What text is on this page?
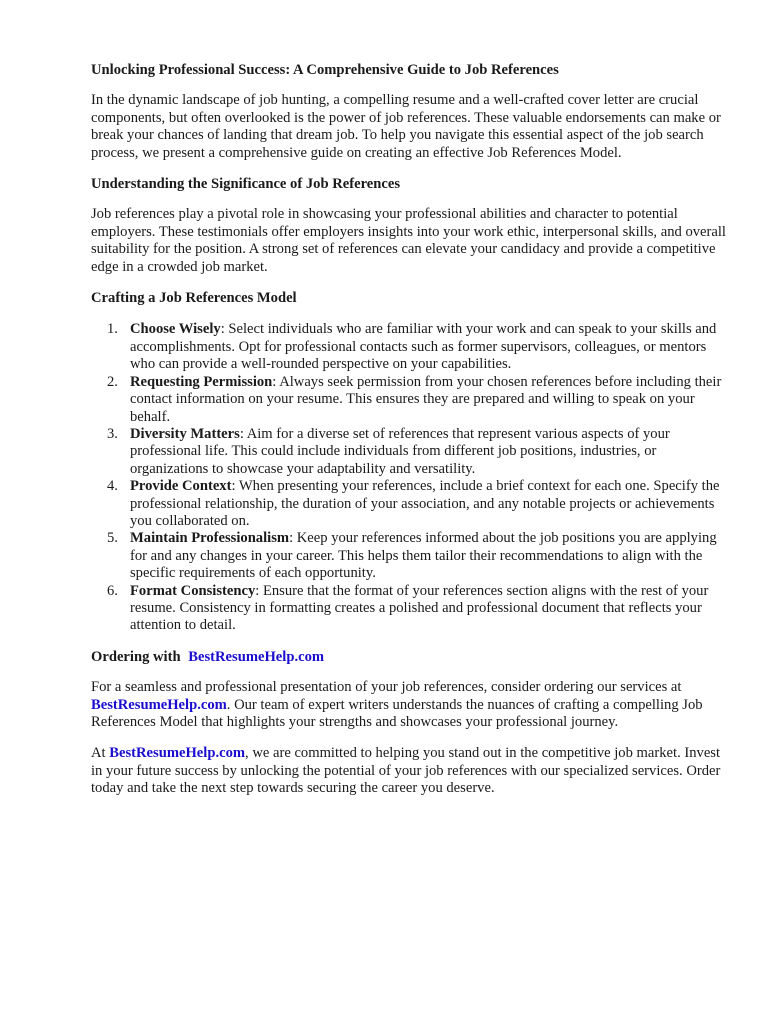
Unlocking Professional Success: A Comprehensive Guide to Job References

In the dynamic landscape of job hunting, a compelling resume and a well-crafted cover letter are crucial components, but often overlooked is the power of job references. These valuable endorsements can make or break your chances of landing that dream job. To help you navigate this essential aspect of the job search process, we present a comprehensive guide on creating an effective Job References Model.

Understanding the Significance of Job References

Job references play a pivotal role in showcasing your professional abilities and character to potential employers. These testimonials offer employers insights into your work ethic, interpersonal skills, and overall suitability for the position. A strong set of references can elevate your candidacy and provide a competitive edge in a crowded job market.

Crafting a Job References Model
1. Choose Wisely: Select individuals who are familiar with your work and can speak to your skills and accomplishments. Opt for professional contacts such as former supervisors, colleagues, or mentors who can provide a well-rounded perspective on your capabilities.
2. Requesting Permission: Always seek permission from your chosen references before including their contact information on your resume. This ensures they are prepared and willing to speak on your behalf.
3. Diversity Matters: Aim for a diverse set of references that represent various aspects of your professional life. This could include individuals from different job positions, industries, or organizations to showcase your adaptability and versatility.
4. Provide Context: When presenting your references, include a brief context for each one. Specify the professional relationship, the duration of your association, and any notable projects or achievements you collaborated on.
5. Maintain Professionalism: Keep your references informed about the job positions you are applying for and any changes in your career. This helps them tailor their recommendations to align with the specific requirements of each opportunity.
6. Format Consistency: Ensure that the format of your references section aligns with the rest of your resume. Consistency in formatting creates a polished and professional document that reflects your attention to detail.
Ordering with BestResumeHelp.com

For a seamless and professional presentation of your job references, consider ordering our services at BestResumeHelp.com. Our team of expert writers understands the nuances of crafting a compelling Job References Model that highlights your strengths and showcases your professional journey.

At BestResumeHelp.com, we are committed to helping you stand out in the competitive job market. Invest in your future success by unlocking the potential of your job references with our specialized services. Order today and take the next step towards securing the career you deserve.
